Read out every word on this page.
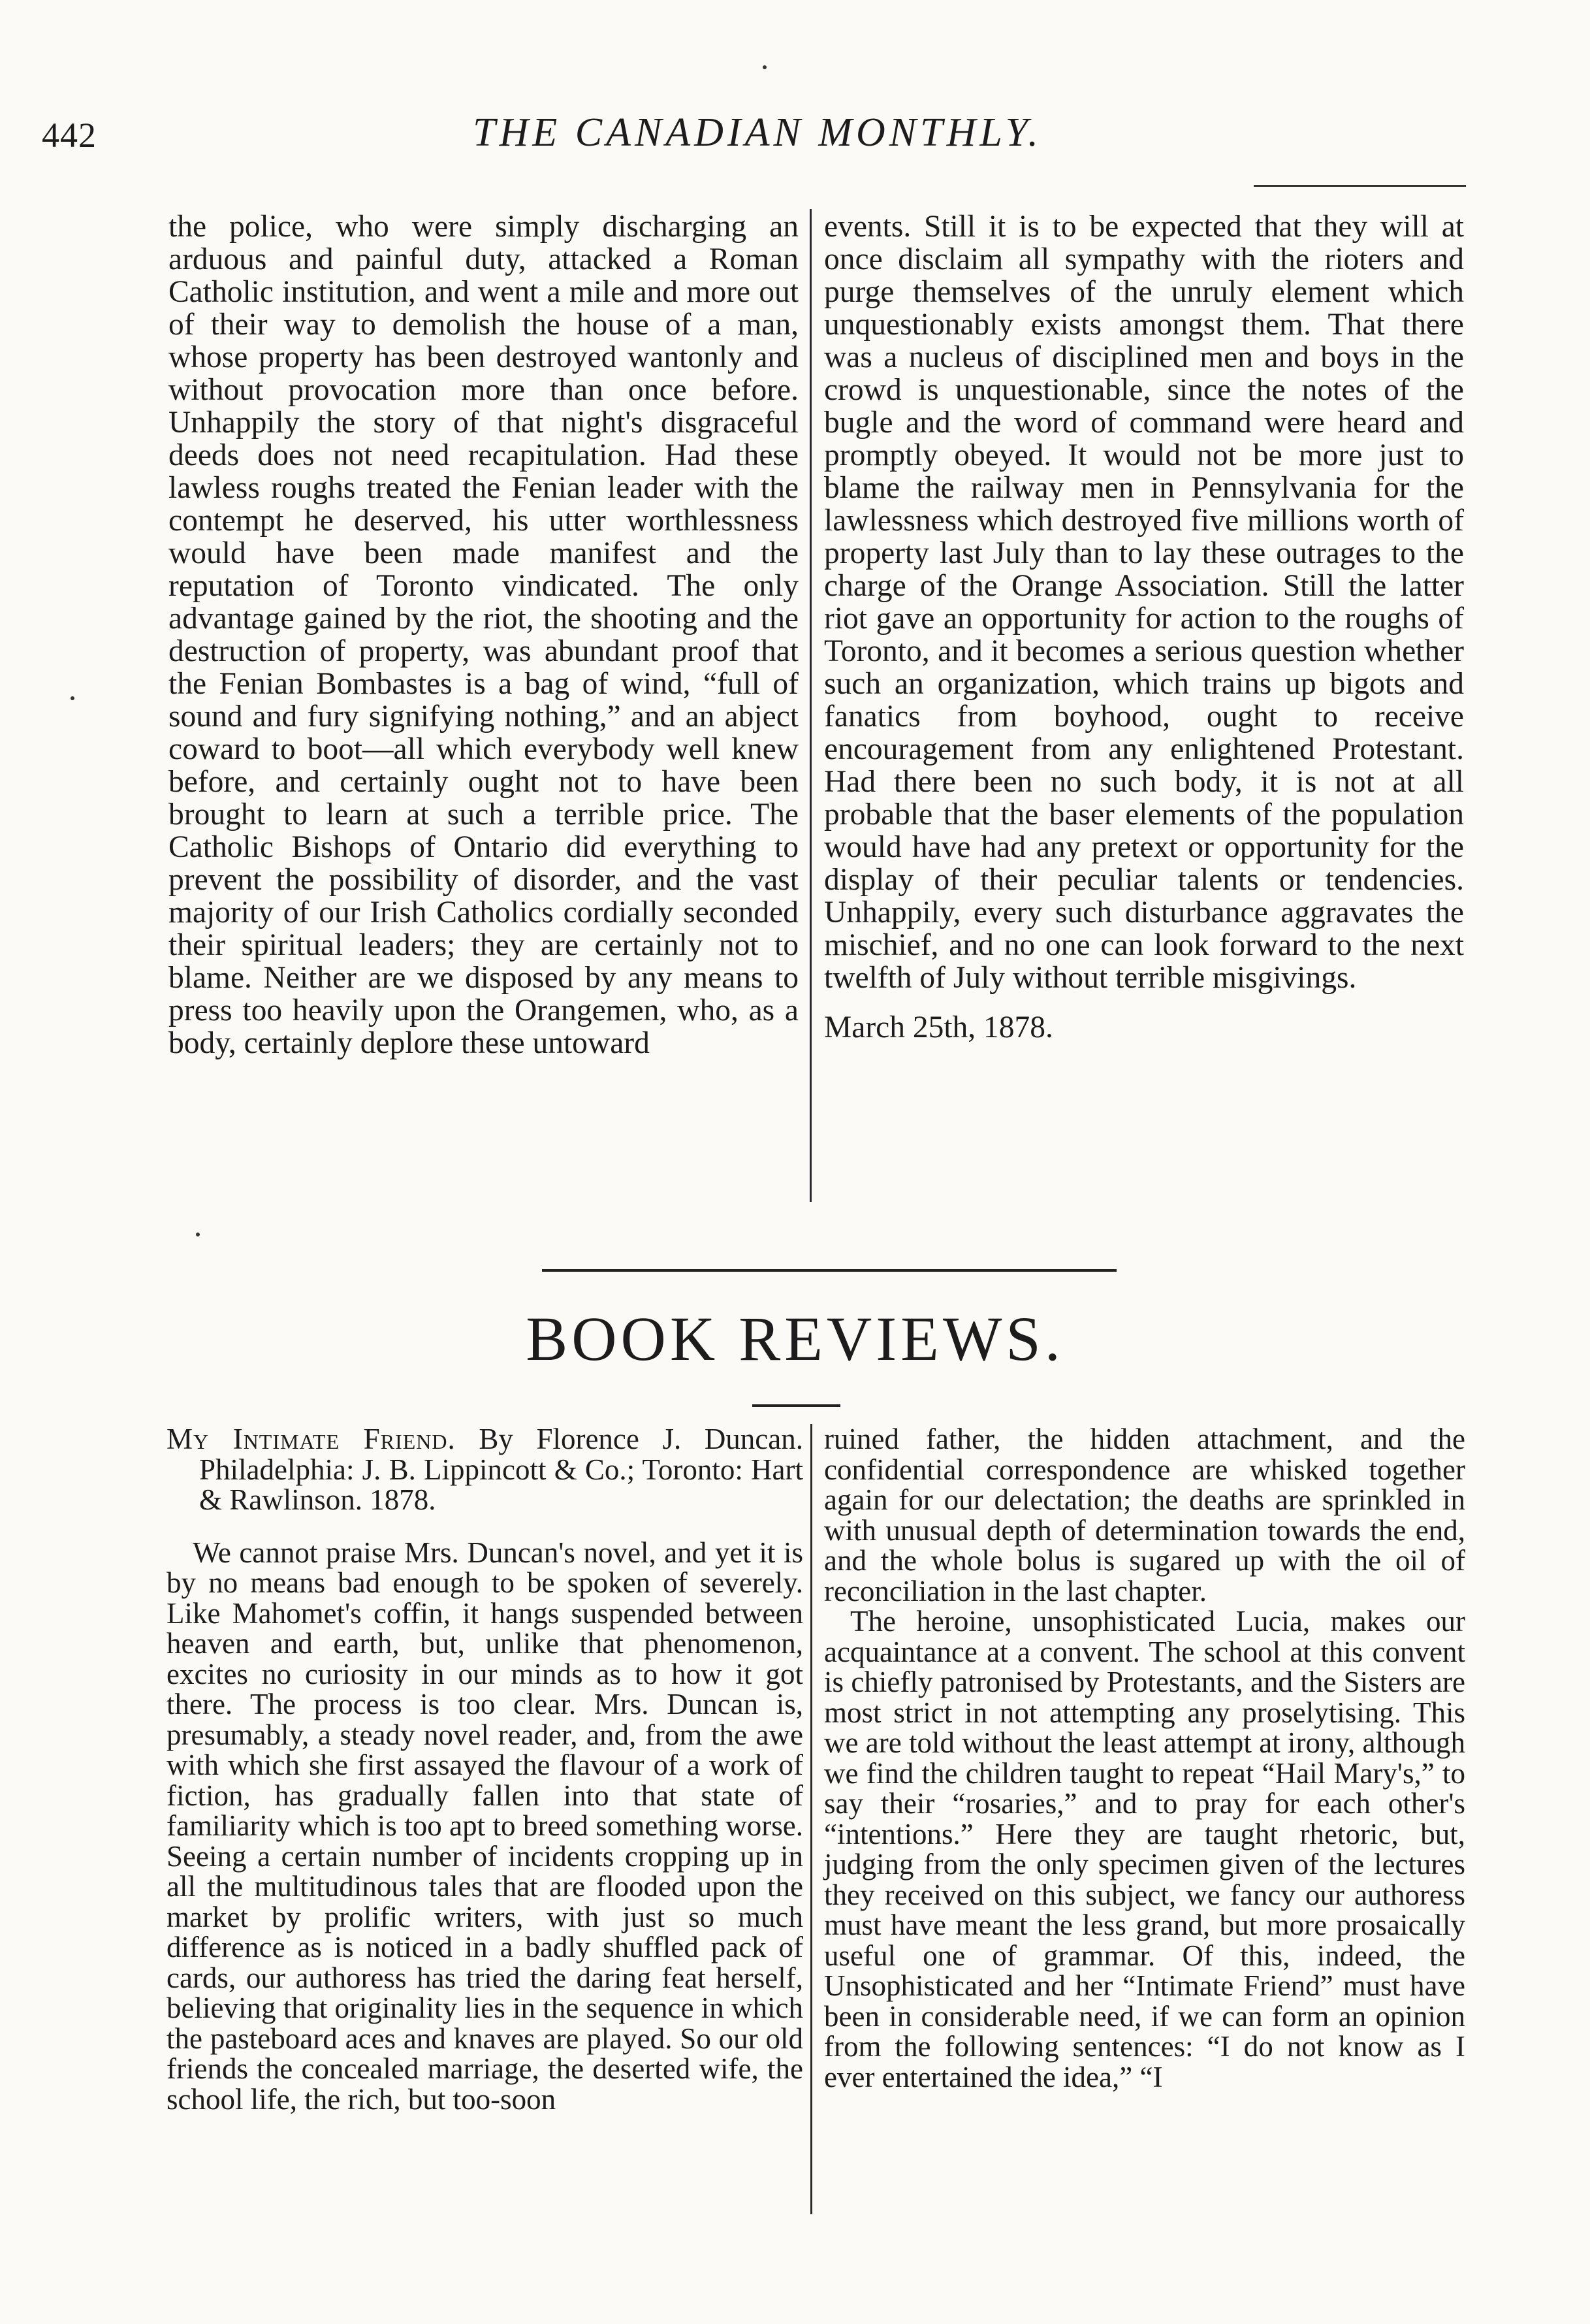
442	THE CANADIAN MONTHLY.

the police, who were simply discharging an arduous and painful duty, attacked a Roman Catholic institution, and went a mile and more out of their way to demolish the house of a man, whose property has been destroyed wantonly and without provocation more than once before. Unhappily the story of that night's disgraceful deeds does not need recapitulation. Had these lawless roughs treated the Fenian leader with the contempt he deserved, his utter worthlessness would have been made manifest and the reputation of Toronto vindicated. The only advantage gained by the riot, the shooting and the destruction of property, was abundant proof that the Fenian Bombastes is a bag of wind, “full of sound and fury signifying nothing,” and an abject coward to boot—all which everybody well knew before, and certainly ought not to have been brought to learn at such a terrible price. The Catholic Bishops of Ontario did everything to prevent the possibility of disorder, and the vast majority of our Irish Catholics cordially seconded their spiritual leaders; they are certainly not to blame. Neither are we disposed by any means to press too heavily upon the Orangemen, who, as a body, certainly deplore these untoward

events. Still it is to be expected that they will at once disclaim all sympathy with the rioters and purge themselves of the unruly element which unquestionably exists amongst them. That there was a nucleus of disciplined men and boys in the crowd is unquestionable, since the notes of the bugle and the word of command were heard and promptly obeyed. It would not be more just to blame the railway men in Pennsylvania for the lawlessness which destroyed five millions worth of property last July than to lay these outrages to the charge of the Orange Association. Still the latter riot gave an opportunity for action to the roughs of Toronto, and it becomes a serious question whether such an organization, which trains up bigots and fanatics from boyhood, ought to receive encouragement from any enlightened Protestant. Had there been no such body, it is not at all probable that the baser elements of the population would have had any pretext or opportunity for the display of their peculiar talents or tendencies. Unhappily, every such disturbance aggravates the mischief, and no one can look forward to the next twelfth of July without terrible misgivings.

March 25th, 1878.

BOOK REVIEWS.

My Intimate Friend. By Florence J. Duncan. Philadelphia: J. B. Lippincott & Co.; Toronto: Hart & Rawlinson. 1878.

We cannot praise Mrs. Duncan's novel, and yet it is by no means bad enough to be spoken of severely. Like Mahomet's coffin, it hangs suspended between heaven and earth, but, unlike that phenomenon, excites no curiosity in our minds as to how it got there. The process is too clear. Mrs. Duncan is, presumably, a steady novel reader, and, from the awe with which she first assayed the flavour of a work of fiction, has gradually fallen into that state of familiarity which is too apt to breed something worse. Seeing a certain number of incidents cropping up in all the multitudinous tales that are flooded upon the market by prolific writers, with just so much difference as is noticed in a badly shuffled pack of cards, our authoress has tried the daring feat herself, believing that originality lies in the sequence in which the pasteboard aces and knaves are played. So our old friends the concealed marriage, the deserted wife, the school life, the rich, but too-soon

ruined father, the hidden attachment, and the confidential correspondence are whisked together again for our delectation; the deaths are sprinkled in with unusual depth of determination towards the end, and the whole bolus is sugared up with the oil of reconciliation in the last chapter.

The heroine, unsophisticated Lucia, makes our acquaintance at a convent. The school at this convent is chiefly patronised by Protestants, and the Sisters are most strict in not attempting any proselytising. This we are told without the least attempt at irony, although we find the children taught to repeat “Hail Mary's,” to say their “rosaries,” and to pray for each other's “intentions.” Here they are taught rhetoric, but, judging from the only specimen given of the lectures they received on this subject, we fancy our authoress must have meant the less grand, but more prosaically useful one of grammar. Of this, indeed, the Unsophisticated and her “Intimate Friend” must have been in considerable need, if we can form an opinion from the following sentences: “I do not know as I ever entertained the idea,” “I
